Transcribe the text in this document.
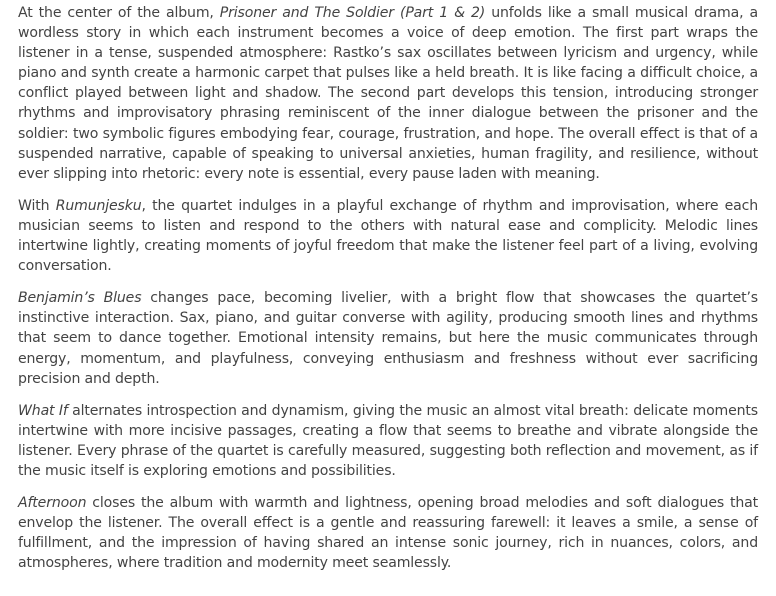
At the center of the album, Prisoner and The Soldier (Part 1 & 2) unfolds like a small musical drama, a wordless story in which each instrument becomes a voice of deep emotion. The first part wraps the listener in a tense, suspended atmosphere: Rastko’s sax oscillates between lyricism and urgency, while piano and synth create a harmonic carpet that pulses like a held breath. It is like facing a difficult choice, a conflict played between light and shadow. The second part develops this tension, introducing stronger rhythms and improvisatory phrasing reminiscent of the inner dialogue between the prisoner and the soldier: two symbolic figures embodying fear, courage, frustration, and hope. The overall effect is that of a suspended narrative, capable of speaking to universal anxieties, human fragility, and resilience, without ever slipping into rhetoric: every note is essential, every pause laden with meaning.

With Rumunjesku, the quartet indulges in a playful exchange of rhythm and improvisation, where each musician seems to listen and respond to the others with natural ease and complicity. Melodic lines intertwine lightly, creating moments of joyful freedom that make the listener feel part of a living, evolving conversation.

Benjamin’s Blues changes pace, becoming livelier, with a bright flow that showcases the quartet’s instinctive interaction. Sax, piano, and guitar converse with agility, producing smooth lines and rhythms that seem to dance together. Emotional intensity remains, but here the music communicates through energy, momentum, and playfulness, conveying enthusiasm and freshness without ever sacrificing precision and depth.

What If alternates introspection and dynamism, giving the music an almost vital breath: delicate moments intertwine with more incisive passages, creating a flow that seems to breathe and vibrate alongside the listener. Every phrase of the quartet is carefully measured, suggesting both reflection and movement, as if the music itself is exploring emotions and possibilities.

Afternoon closes the album with warmth and lightness, opening broad melodies and soft dialogues that envelop the listener. The overall effect is a gentle and reassuring farewell: it leaves a smile, a sense of fulfillment, and the impression of having shared an intense sonic journey, rich in nuances, colors, and atmospheres, where tradition and modernity meet seamlessly.
